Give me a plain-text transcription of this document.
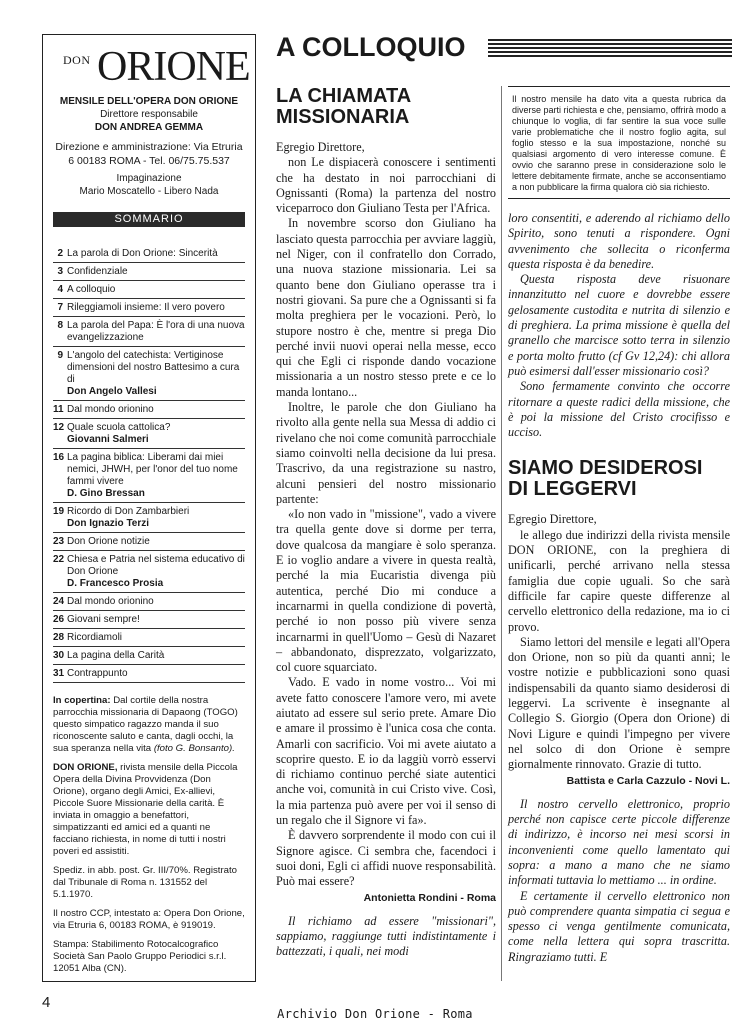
DON ORIONE
MENSILE DELL'OPERA DON ORIONE
Direttore responsabile
DON ANDREA GEMMA
Direzione e amministrazione: Via Etruria 6 00183 ROMA - Tel. 06/75.75.537
Impaginazione
Mario Moscatello - Libero Nada
SOMMARIO
2 La parola di Don Orione: Sincerità
3 Confidenziale
4 A colloquio
7 Rileggiamoli insieme: Il vero povero
8 La parola del Papa: È l'ora di una nuova evangelizzazione
9 L'angolo del catechista: Vertiginose dimensioni del nostro Battesimo a cura di
Don Angelo Vallesi
11 Dal mondo orionino
12 Quale scuola cattolica?
Giovanni Salmeri
16 La pagina biblica: Liberami dai miei nemici, JHWH, per l'onor del tuo nome fammi vivere
D. Gino Bressan
19 Ricordo di Don Zambarbieri
Don Ignazio Terzi
23 Don Orione notizie
22 Chiesa e Patria nel sistema educativo di Don Orione
D. Francesco Prosia
24 Dal mondo orionino
26 Giovani sempre!
28 Ricordiamoli
30 La pagina della Carità
31 Contrappunto

In copertina: Dal cortile della nostra parrocchia missionaria di Dapaong (TOGO) questo simpatico ragazzo manda il suo riconoscente saluto e canta, dagli occhi, la sua speranza nella vita (foto G. Bonsanto).

DON ORIONE, rivista mensile della Piccola Opera della Divina Provvidenza (Don Orione), organo degli Amici, Ex-allievi, Piccole Suore Missionarie della carità. È inviata in omaggio a benefattori, simpatizzanti ed amici ed a quanti ne facciano richiesta, in nome di tutti i nostri poveri ed assistiti.

Spediz. in abb. post. Gr. III/70%. Registrato dal Tribunale di Roma n. 131552 del 5.1.1970.

Il nostro CCP, intestato a: Opera Don Orione, via Etruria 6, 00183 ROMA, è 919019.

Stampa: Stabilimento Rotocalcografico Società San Paolo Gruppo Periodici s.r.l. 12051 Alba (CN).

A COLLOQUIO
LA CHIAMATA
MISSIONARIA

Egregio Direttore,

non Le dispiacerà conoscere i sentimenti che ha destato in noi parrocchiani di Ognissanti (Roma) la partenza del nostro viceparroco don Giuliano Testa per l'Africa.

In novembre scorso don Giuliano ha lasciato questa parrocchia per avviare laggiù, nel Niger, con il confratello don Corrado, una nuova stazione missionaria. Lei sa quanto bene don Giuliano operasse tra i nostri giovani. Sa pure che a Ognissanti si fa molta preghiera per le vocazioni. Però, lo stupore nostro è che, mentre si prega Dio perché invii nuovi operai nella messe, ecco qui che Egli ci risponde dando vocazione missionaria a un nostro stesso prete e ce lo manda lontano...

Inoltre, le parole che don Giuliano ha rivolto alla gente nella sua Messa di addio ci rivelano che noi come comunità parrocchiale siamo coinvolti nella decisione da lui presa. Trascrivo, da una registrazione su nastro, alcuni pensieri del nostro missionario partente:

«Io non vado in "missione", vado a vivere tra quella gente dove si dorme per terra, dove qualcosa da mangiare è solo speranza. E io voglio andare a vivere in questa realtà, perché la mia Eucaristia divenga più autentica, perché Dio mi conduce a incarnarmi in quella condizione di povertà, perché io non posso più vivere senza incarnarmi in quell'Uomo – Gesù di Nazaret – abbandonato, disprezzato, volgarizzato, col cuore squarciato.

Vado. E vado in nome vostro... Voi mi avete fatto conoscere l'amore vero, mi avete aiutato ad essere sul serio prete. Amare Dio e amare il prossimo è l'unica cosa che conta. Amarli con sacrificio. Voi mi avete aiutato a scoprire questo. E io da laggiù vorrò esservi di richiamo continuo perché siate autentici anche voi, comunità in cui Cristo vive. Così, la mia partenza può avere per voi il senso di un regalo che il Signore vi fa».

È davvero sorprendente il modo con cui il Signore agisce. Ci sembra che, facendoci i suoi doni, Egli ci affidi nuove responsabilità. Può mai essere?

Antonietta Rondini - Roma

Il richiamo ad essere "missionari", sappiamo, raggiunge tutti indistintamente i battezzati, i quali, nei modi

Il nostro mensile ha dato vita a questa rubrica da diverse parti richiesta e che, pensiamo, offrirà modo a chiunque lo voglia, di far sentire la sua voce sulle varie problematiche che il nostro foglio agita, sul foglio stesso e la sua impostazione, nonché su qualsiasi argomento di vero interesse comune. È ovvio che saranno prese in considerazione solo le lettere debitamente firmate, anche se acconsentiamo a non pubblicare la firma qualora ciò sia richiesto.

loro consentiti, e aderendo al richiamo dello Spirito, sono tenuti a rispondere. Ogni avvenimento che sollecita o riconferma questa risposta è da benedire.

Questa risposta deve risuonare innanzitutto nel cuore e dovrebbe essere gelosamente custodita e nutrita di silenzio e di preghiera. La prima missione è quella del granello che marcisce sotto terra in silenzio e porta molto frutto (cf Gv 12,24): chi allora può esimersi dall'esser missionario così?

Sono fermamente convinto che occorre ritornare a queste radici della missione, che è poi la missione del Cristo crocifisso e ucciso.

SIAMO DESIDEROSI
DI LEGGERVI

Egregio Direttore,

le allego due indirizzi della rivista mensile DON ORIONE, con la preghiera di unificarli, perché arrivano nella stessa famiglia due copie uguali. So che sarà difficile far capire queste differenze al cervello elettronico della redazione, ma io ci provo.

Siamo lettori del mensile e legati all'Opera don Orione, non so più da quanti anni; le vostre notizie e pubblicazioni sono quasi indispensabili da quanto siamo desiderosi di leggervi. La scrivente è insegnante al Collegio S. Giorgio (Opera don Orione) di Novi Ligure e quindi l'impegno per vivere nel solco di don Orione è sempre giornalmente rinnovato. Grazie di tutto.

Battista e Carla Cazzulo - Novi L.

Il nostro cervello elettronico, proprio perché non capisce certe piccole differenze di indirizzo, è incorso nei mesi scorsi in inconvenienti come quello lamentato qui sopra: a mano a mano che ne siamo informati tuttavia lo mettiamo ... in ordine.

E certamente il cervello elettronico non può comprendere quanta simpatia ci segua e spesso ci venga gentilmente comunicata, come nella lettera qui sopra trascritta. Ringraziamo tutti. E

4
Archivio Don Orione - Roma
